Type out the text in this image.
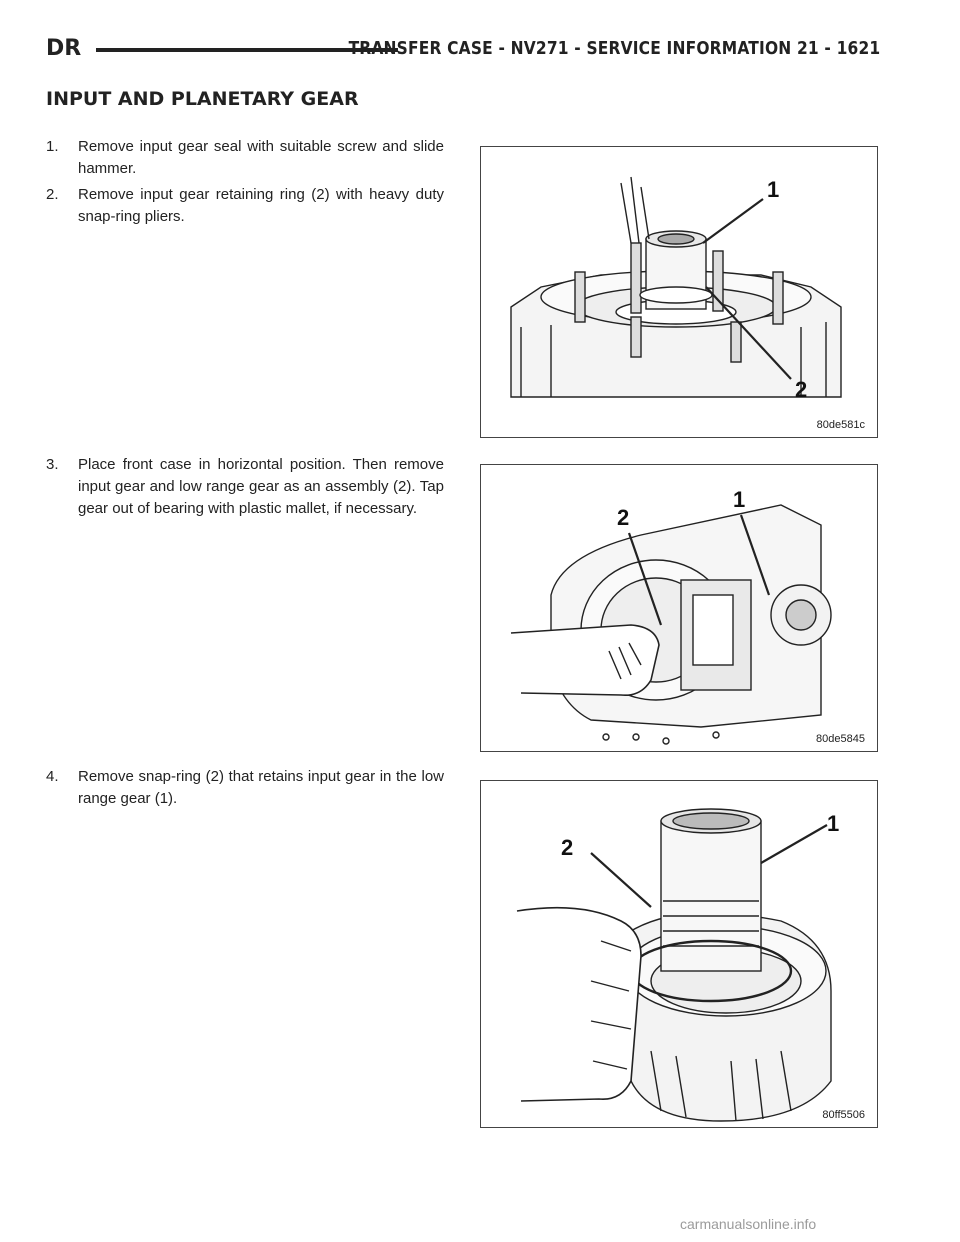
DR	TRANSFER CASE - NV271 - SERVICE INFORMATION 21 - 1621
INPUT AND PLANETARY GEAR
1. Remove input gear seal with suitable screw and slide hammer.
2. Remove input gear retaining ring (2) with heavy duty snap-ring pliers.
3. Place front case in horizontal position. Then remove input gear and low range gear as an assembly (2). Tap gear out of bearing with plastic mallet, if necessary.
4. Remove snap-ring (2) that retains input gear in the low range gear (1).
1
2
80de581c
2
1
80de5845
2
1
80ff5506
carmanualsonline.info
